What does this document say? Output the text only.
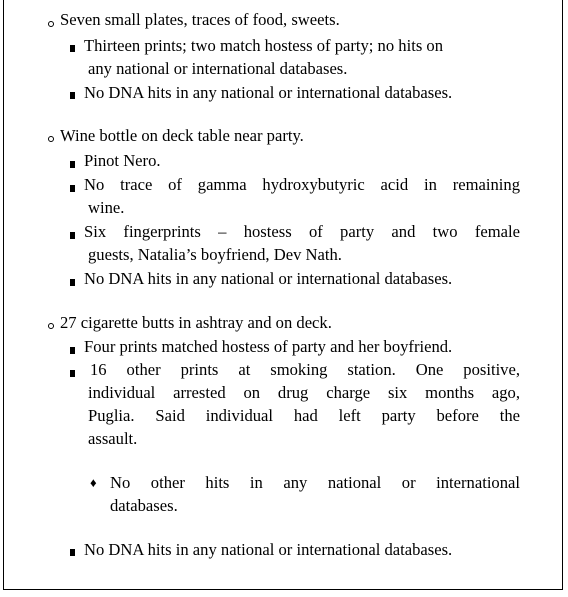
Seven small plates, traces of food, sweets.
Thirteen prints; two match hostess of party; no hits on
any national or international databases.
No DNA hits in any national or international databases.
Wine bottle on deck table near party.
Pinot Nero.
No trace of gamma hydroxybutyric acid in remaining
wine.
Six fingerprints – hostess of party and two female
guests, Natalia’s boyfriend, Dev Nath.
No DNA hits in any national or international databases.
27 cigarette butts in ashtray and on deck.
Four prints matched hostess of party and her boyfriend.
16 other prints at smoking station. One positive,
individual arrested on drug charge six months ago,
Puglia. Said individual had left party before the
assault.
♦ No other hits in any national or international
databases.
No DNA hits in any national or international databases.
